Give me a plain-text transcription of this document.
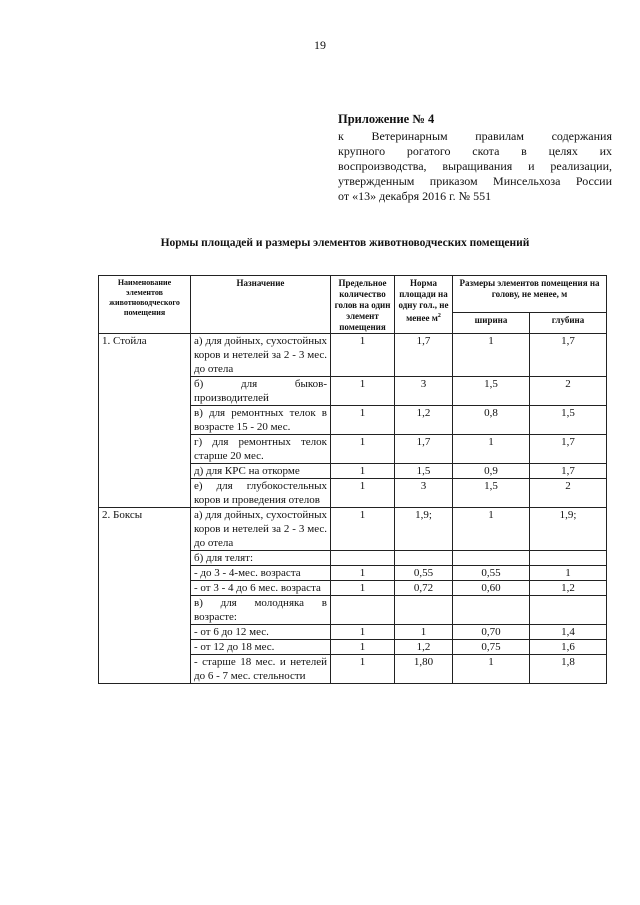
19
Приложение № 4
к Ветеринарным правилам содержания
крупного рогатого скота в целях их
воспроизводства, выращивания и реализации,
утвержденным приказом Минсельхоза России
от «13» декабря 2016 г. № 551
Нормы площадей и размеры элементов животноводческих помещений
Наименование элементов животноводческого помещения	Назначение	Предельное количество голов на один элемент помещения	Норма площади на одну гол., не менее $м^2$	Размеры элементов помещения на голову, не менее, м	
				ширина	глубина
1. Стойла	а) для дойных, сухостойных коров и нетелей за 2 - 3 мес. до отела	1	1,7	1	1,7
	б) для быков-производителей	1	3	1,5	2
	в) для ремонтных телок в возрасте 15 - 20 мес.	1	1,2	0,8	1,5
	г) для ремонтных телок старше 20 мес.	1	1,7	1	1,7
	д) для КРС на откорме	1	1,5	0,9	1,7
	е) для глубокостельных коров и проведения отелов	1	3	1,5	2
2. Боксы	а) для дойных, сухостойных коров и нетелей за 2 - 3 мес. до отела	1	1,9;	1	1,9;
	б) для телят:				
	- до 3 - 4-мес. возраста	1	0,55	0,55	1
	- от 3 - 4 до 6 мес. возраста	1	0,72	0,60	1,2
	в) для молодняка в возрасте:				
	- от 6 до 12 мес.	1	1	0,70	1,4
	- от 12 до 18 мес.	1	1,2	0,75	1,6
	- старше 18 мес. и нетелей до 6 - 7 мес. стельности	1	1,80	1	1,8
